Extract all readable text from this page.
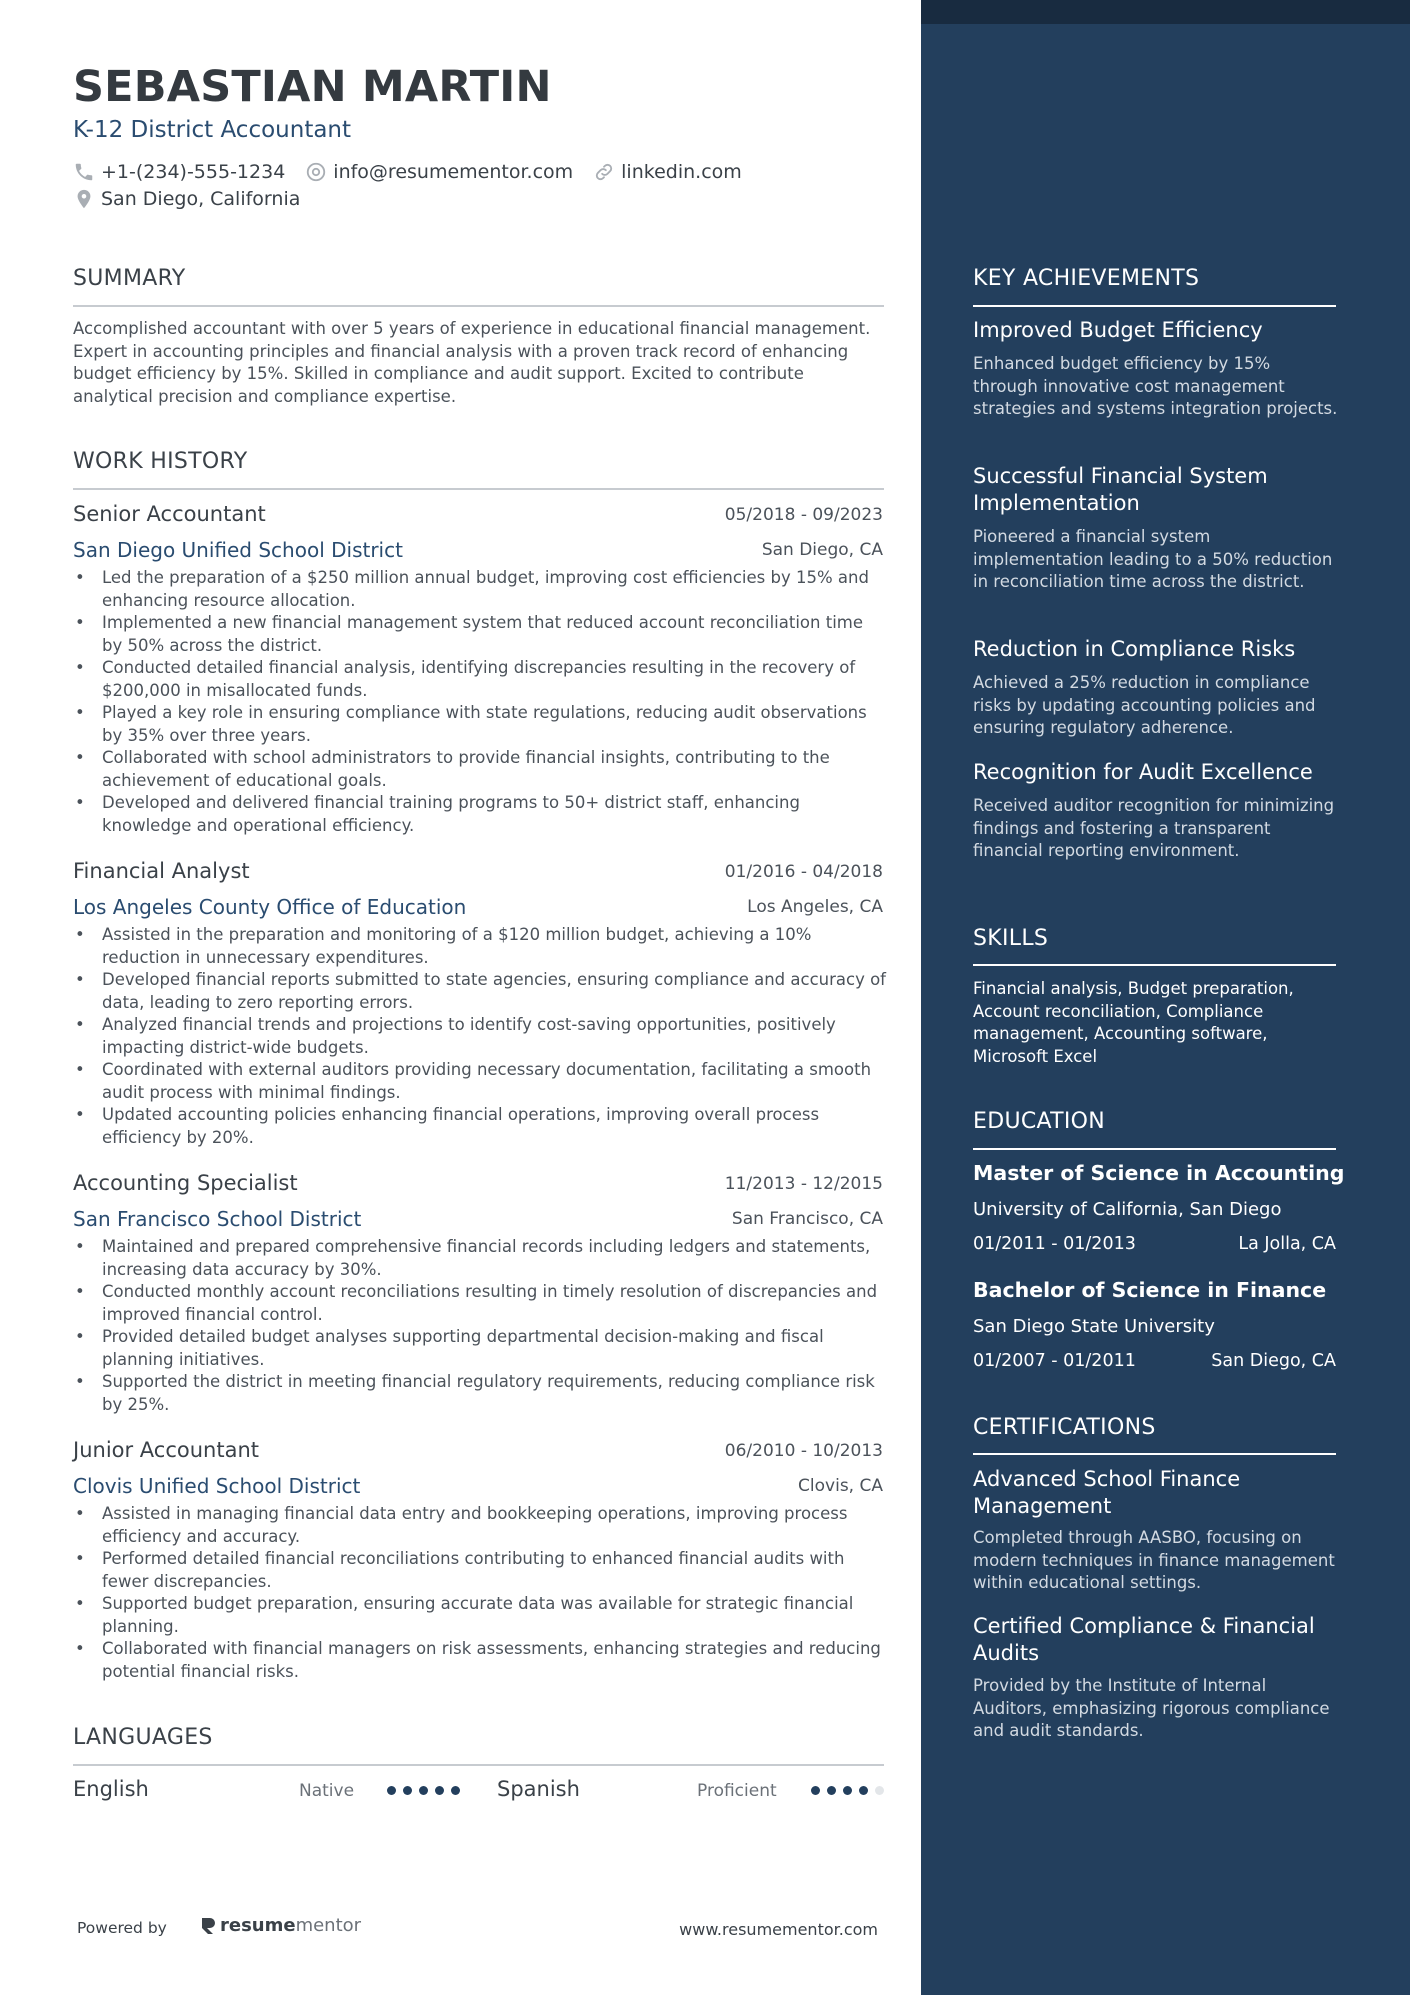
SEBASTIAN MARTIN
K-12 District Accountant
+1-(234)-555-1234	info@resumementor.com	linkedin.com
San Diego, California
SUMMARY
Accomplished accountant with over 5 years of experience in educational financial management. Expert in accounting principles and financial analysis with a proven track record of enhancing budget efficiency by 15%. Skilled in compliance and audit support. Excited to contribute analytical precision and compliance expertise.
WORK HISTORY
Senior Accountant	05/2018 - 09/2023
San Diego Unified School District	San Diego, CA
• Led the preparation of a $250 million annual budget, improving cost efficiencies by 15% and enhancing resource allocation.
• Implemented a new financial management system that reduced account reconciliation time by 50% across the district.
• Conducted detailed financial analysis, identifying discrepancies resulting in the recovery of $200,000 in misallocated funds.
• Played a key role in ensuring compliance with state regulations, reducing audit observations by 35% over three years.
• Collaborated with school administrators to provide financial insights, contributing to the achievement of educational goals.
• Developed and delivered financial training programs to 50+ district staff, enhancing knowledge and operational efficiency.
Financial Analyst	01/2016 - 04/2018
Los Angeles County Office of Education	Los Angeles, CA
• Assisted in the preparation and monitoring of a $120 million budget, achieving a 10% reduction in unnecessary expenditures.
• Developed financial reports submitted to state agencies, ensuring compliance and accuracy of data, leading to zero reporting errors.
• Analyzed financial trends and projections to identify cost-saving opportunities, positively impacting district-wide budgets.
• Coordinated with external auditors providing necessary documentation, facilitating a smooth audit process with minimal findings.
• Updated accounting policies enhancing financial operations, improving overall process efficiency by 20%.
Accounting Specialist	11/2013 - 12/2015
San Francisco School District	San Francisco, CA
• Maintained and prepared comprehensive financial records including ledgers and statements, increasing data accuracy by 30%.
• Conducted monthly account reconciliations resulting in timely resolution of discrepancies and improved financial control.
• Provided detailed budget analyses supporting departmental decision-making and fiscal planning initiatives.
• Supported the district in meeting financial regulatory requirements, reducing compliance risk by 25%.
Junior Accountant	06/2010 - 10/2013
Clovis Unified School District	Clovis, CA
• Assisted in managing financial data entry and bookkeeping operations, improving process efficiency and accuracy.
• Performed detailed financial reconciliations contributing to enhanced financial audits with fewer discrepancies.
• Supported budget preparation, ensuring accurate data was available for strategic financial planning.
• Collaborated with financial managers on risk assessments, enhancing strategies and reducing potential financial risks.
LANGUAGES
English	Native	Spanish	Proficient
Powered by	resume mentor	www.resumementor.com
KEY ACHIEVEMENTS
Improved Budget Efficiency
Enhanced budget efficiency by 15% through innovative cost management strategies and systems integration projects.
Successful Financial System Implementation
Pioneered a financial system implementation leading to a 50% reduction in reconciliation time across the district.
Reduction in Compliance Risks
Achieved a 25% reduction in compliance risks by updating accounting policies and ensuring regulatory adherence.
Recognition for Audit Excellence
Received auditor recognition for minimizing findings and fostering a transparent financial reporting environment.
SKILLS
Financial analysis, Budget preparation, Account reconciliation, Compliance management, Accounting software, Microsoft Excel
EDUCATION
Master of Science in Accounting
University of California, San Diego
01/2011 - 01/2013	La Jolla, CA
Bachelor of Science in Finance
San Diego State University
01/2007 - 01/2011	San Diego, CA
CERTIFICATIONS
Advanced School Finance Management
Completed through AASBO, focusing on modern techniques in finance management within educational settings.
Certified Compliance & Financial Audits
Provided by the Institute of Internal Auditors, emphasizing rigorous compliance and audit standards.
